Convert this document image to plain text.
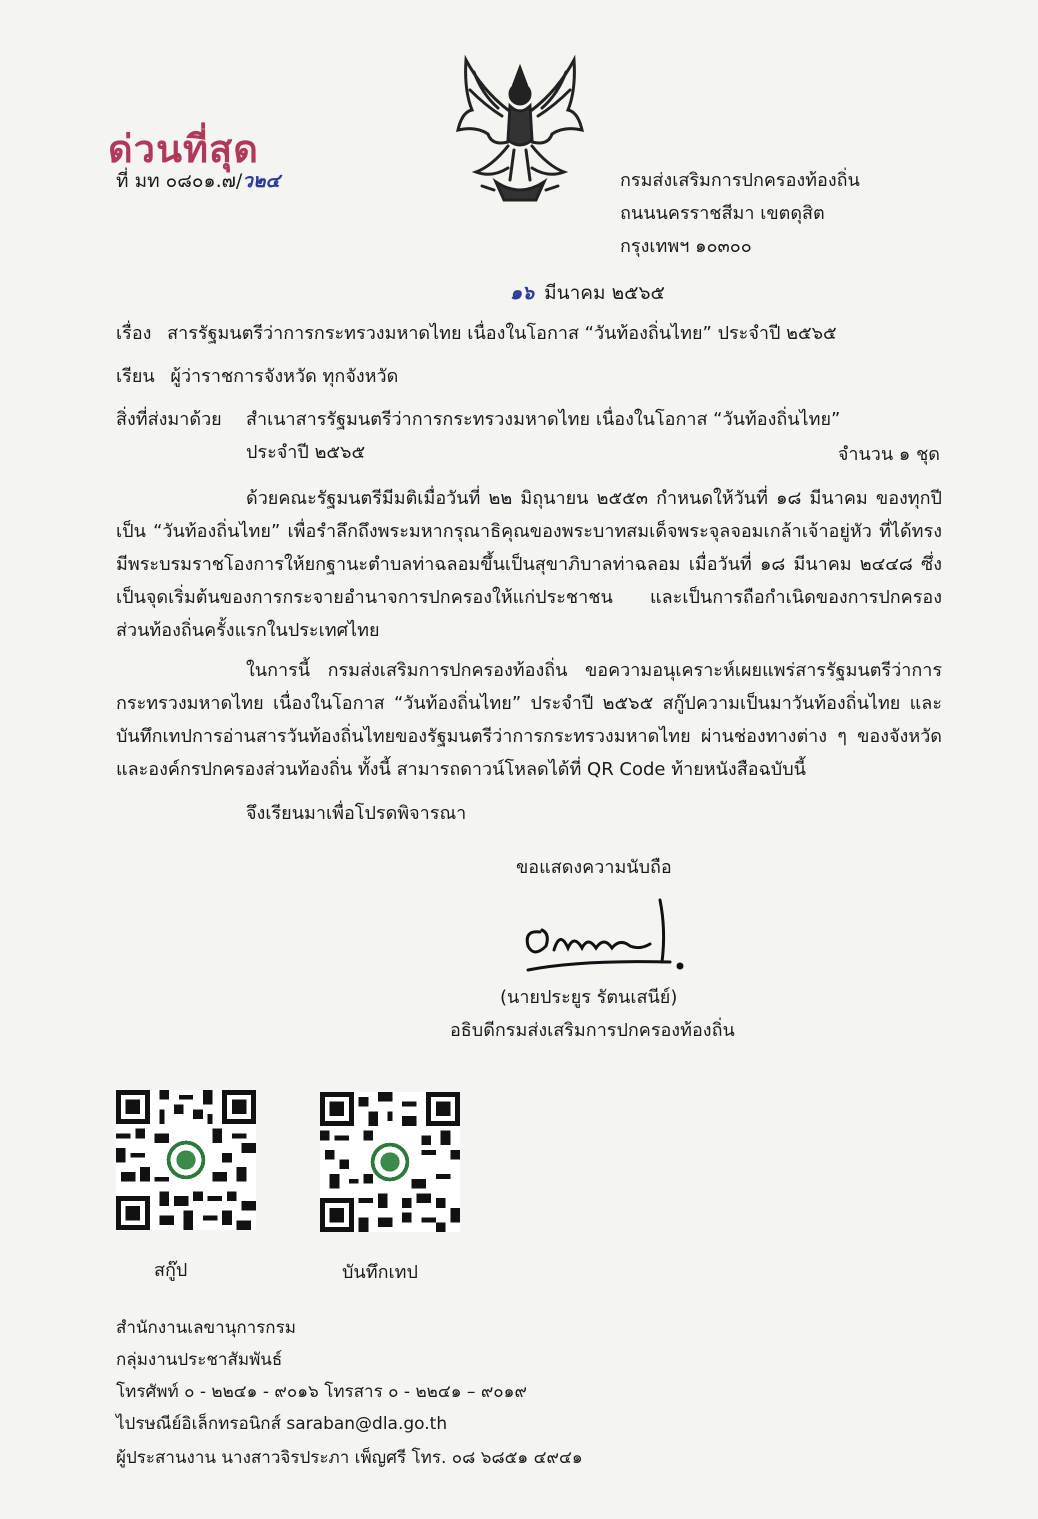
ด่วนที่สุด
ที่ มท ๐๘๐๑.๗/ว๒๔	กรมส่งเสริมการปกครองท้องถิ่น
ถนนนครราชสีมา เขตดุสิต
กรุงเทพฯ ๑๐๓๐๐
๑๖ มีนาคม ๒๕๖๕
เรื่อง สารรัฐมนตรีว่าการกระทรวงมหาดไทย เนื่องในโอกาส “วันท้องถิ่นไทย” ประจำปี ๒๕๖๕
เรียน ผู้ว่าราชการจังหวัด ทุกจังหวัด
สิ่งที่ส่งมาด้วย สำเนาสารรัฐมนตรีว่าการกระทรวงมหาดไทย เนื่องในโอกาส “วันท้องถิ่นไทย”
ประจำปี ๒๕๖๕	จำนวน ๑ ชุด
ด้วยคณะรัฐมนตรีมีมติเมื่อวันที่ ๒๒ มิถุนายน ๒๕๕๓ กำหนดให้วันที่ ๑๘ มีนาคม ของทุกปี เป็น “วันท้องถิ่นไทย” เพื่อรำลึกถึงพระมหากรุณาธิคุณของพระบาทสมเด็จพระจุลจอมเกล้าเจ้าอยู่หัว ที่ได้ทรงมีพระบรมราชโองการให้ยกฐานะตำบลท่าฉลอมขึ้นเป็นสุขาภิบาลท่าฉลอม เมื่อวันที่ ๑๘ มีนาคม ๒๔๔๘ ซึ่งเป็นจุดเริ่มต้นของการกระจายอำนาจการปกครองให้แก่ประชาชน และเป็นการถือกำเนิดของการปกครองส่วนท้องถิ่นครั้งแรกในประเทศไทย
ในการนี้ กรมส่งเสริมการปกครองท้องถิ่น ขอความอนุเคราะห์เผยแพร่สารรัฐมนตรีว่าการกระทรวงมหาดไทย เนื่องในโอกาส “วันท้องถิ่นไทย” ประจำปี ๒๕๖๕ สกู๊ปความเป็นมาวันท้องถิ่นไทย และบันทึกเทปการอ่านสารวันท้องถิ่นไทยของรัฐมนตรีว่าการกระทรวงมหาดไทย ผ่านช่องทางต่าง ๆ ของจังหวัด และองค์กรปกครองส่วนท้องถิ่น ทั้งนี้ สามารถดาวน์โหลดได้ที่ QR Code ท้ายหนังสือฉบับนี้
จึงเรียนมาเพื่อโปรดพิจารณา
ขอแสดงความนับถือ
(นายประยูร รัตนเสนีย์)
อธิบดีกรมส่งเสริมการปกครองท้องถิ่น
สกู๊ป	บันทึกเทป
สำนักงานเลขานุการกรม
กลุ่มงานประชาสัมพันธ์
โทรศัพท์ ๐ - ๒๒๔๑ - ๙๐๑๖ โทรสาร ๐ - ๒๒๔๑ – ๙๐๑๙
ไปรษณีย์อิเล็กทรอนิกส์ saraban@dla.go.th
ผู้ประสานงาน นางสาวจิรประภา เพ็ญศรี โทร. ๐๘ ๖๘๕๑ ๔๙๔๑
